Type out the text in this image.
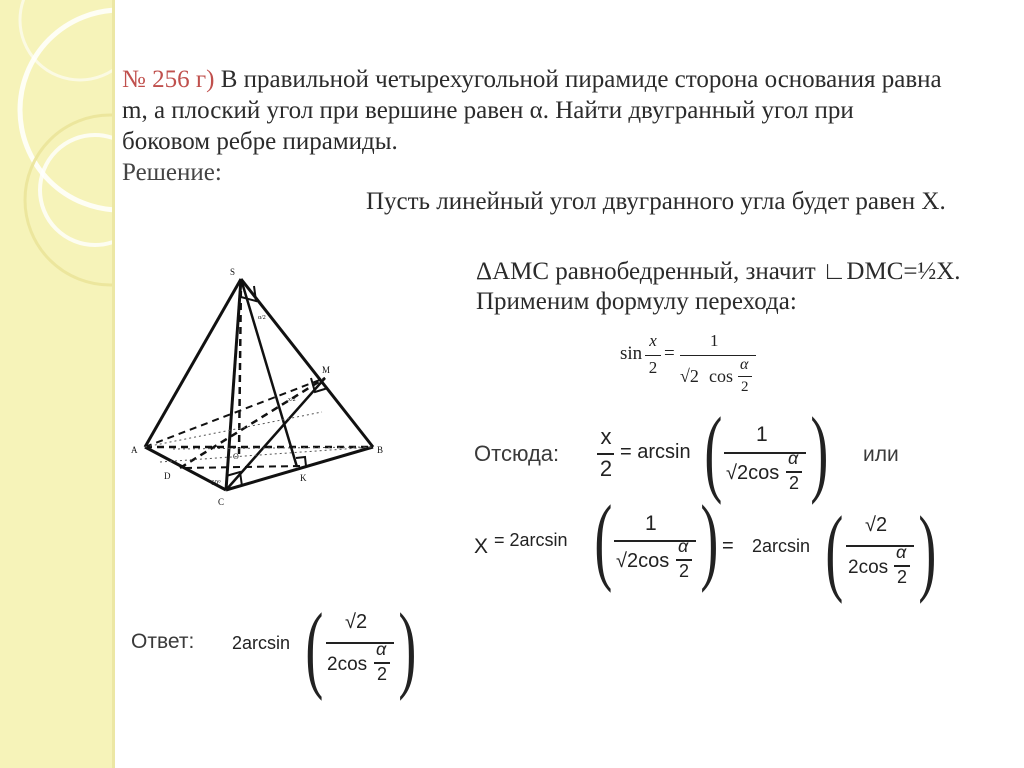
№ 256 г) В правильной четырехугольной пирамиде сторона основания равна
m, а плоский угол при вершине равен α. Найти двугранный угол при
боковом ребре пирамиды.
Решение:
Пусть линейный угол двугранного угла будет равен X.
ΔАМС равнобедренный, значит ∟DMC=½X.
Применим формулу перехода:
sin
x
2
=
1
√2 cos
α
2
Отсюда:
x
2
= arcsin ( 1
√2cos
α
2 ) или
X = 2arcsin ( 1
√2cos
α
2 ) = 2arcsin ( √2
2cos
α
2 )
Ответ: 2arcsin ( √2
2cos
α
2 )
S
A	B
C
D	K
M
O
α/2
60°
x/2
